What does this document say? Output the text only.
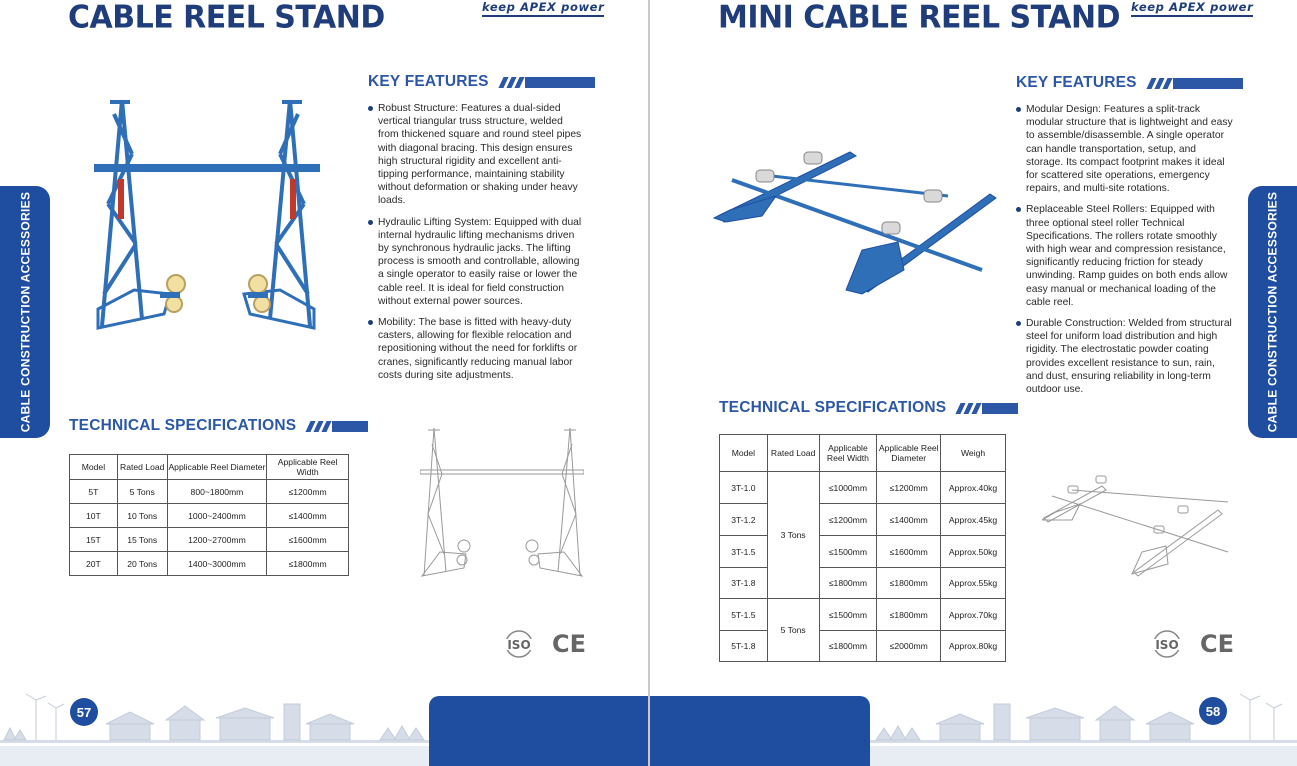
CABLE REEL STAND	keep APEX power
KEY FEATURES
Robust Structure: Features a dual-sided vertical triangular truss structure, welded from thickened square and round steel pipes with diagonal bracing. This design ensures high structural rigidity and excellent anti-tipping performance, maintaining stability without deformation or shaking under heavy loads.
Hydraulic Lifting System: Equipped with dual internal hydraulic lifting mechanisms driven by synchronous hydraulic jacks. The lifting process is smooth and controllable, allowing a single operator to easily raise or lower the cable reel. It is ideal for field construction without external power sources.
Mobility: The base is fitted with heavy-duty casters, allowing for flexible relocation and repositioning without the need for forklifts or cranes, significantly reducing manual labor costs during site adjustments.
TECHNICAL SPECIFICATIONS
Model	Rated Load	Applicable Reel Diameter	Applicable Reel Width
5T	5 Tons	800~1800mm	≤1200mm
10T	10 Tons	1000~2400mm	≤1400mm
15T	15 Tons	1200~2700mm	≤1600mm
20T	20 Tons	1400~3000mm	≤1800mm
ISO CE
57
CABLE CONSTRUCTION ACCESSORIES
MINI CABLE REEL STAND keep APEX power
KEY FEATURES
Modular Design: Features a split-track modular structure that is lightweight and easy to assemble/disassemble. A single operator can handle transportation, setup, and storage. Its compact footprint makes it ideal for scattered site operations, emergency repairs, and multi-site rotations.
Replaceable Steel Rollers: Equipped with three optional steel roller Technical Specifications. The rollers rotate smoothly with high wear and compression resistance, significantly reducing friction for steady unwinding. Ramp guides on both ends allow easy manual or mechanical loading of the cable reel.
Durable Construction: Welded from structural steel for uniform load distribution and high rigidity. The electrostatic powder coating provides excellent resistance to sun, rain, and dust, ensuring reliability in long-term outdoor use.
TECHNICAL SPECIFICATIONS
Model	Rated Load	Applicable Reel Width	Applicable Reel Diameter	Weigh
3T-1.0	3 Tons	≤1000mm	≤1200mm	Approx.40kg
3T-1.2		≤1200mm	≤1400mm	Approx.45kg
3T-1.5		≤1500mm	≤1600mm	Approx.50kg
3T-1.8		≤1800mm	≤1800mm	Approx.55kg
5T-1.5	5 Tons	≤1500mm	≤1800mm	Approx.70kg
5T-1.8		≤1800mm	≤2000mm	Approx.80kg	ISO CE
58
CABLE CONSTRUCTION ACCESSORIES
